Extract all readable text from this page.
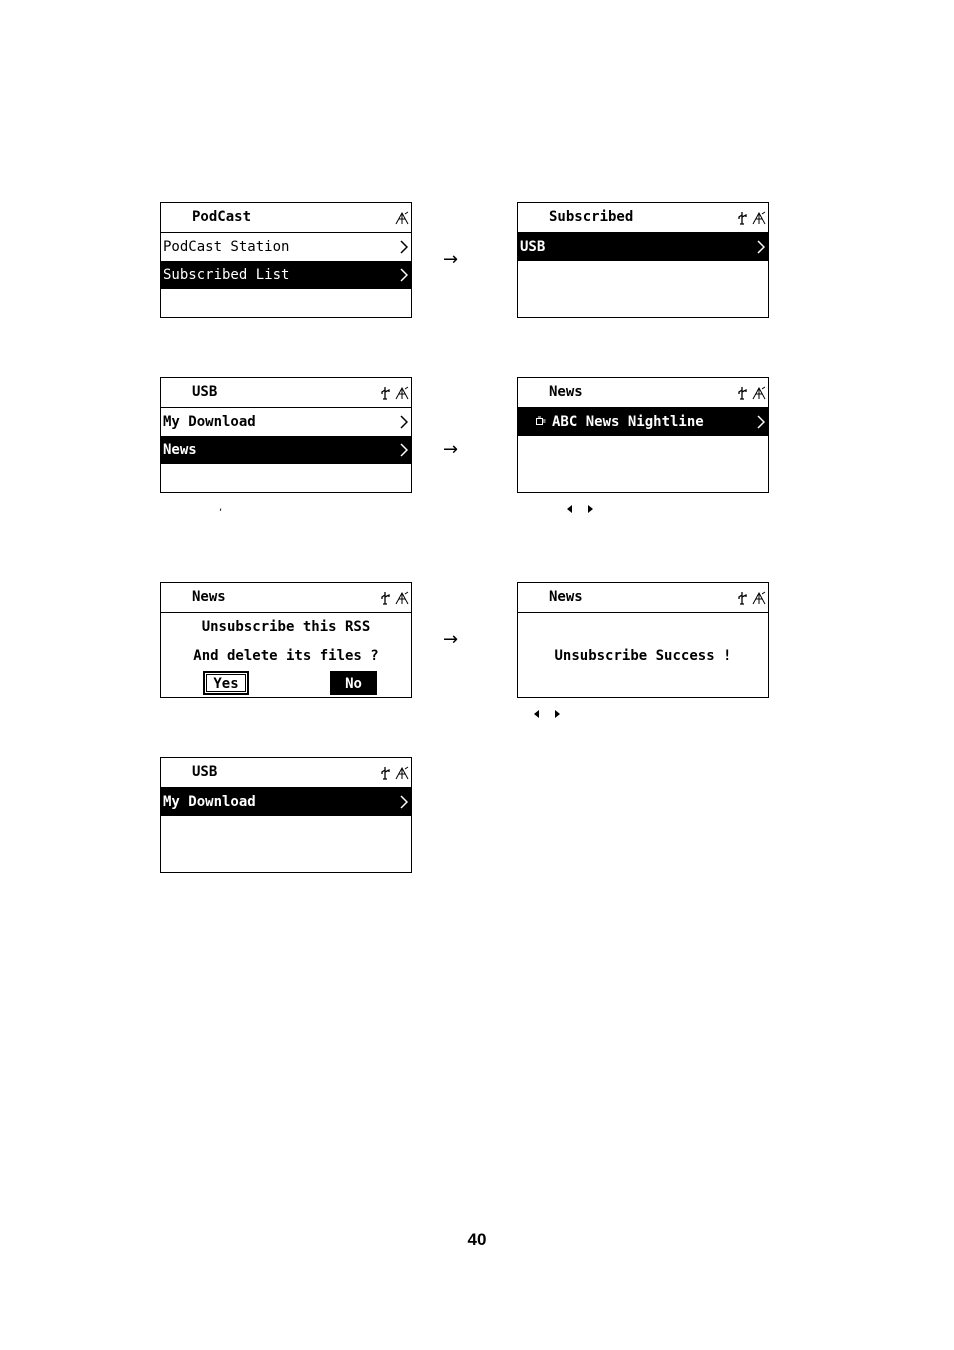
PodCast
PodCast Station
Subscribed List
→
Subscribed
USB
USB
My Download
News
,
→
News
ABC News Nightline
News
Unsubscribe this RSS
And delete its files ?
Yes	No
→
News
Unsubscribe Success !
USB
My Download
40
